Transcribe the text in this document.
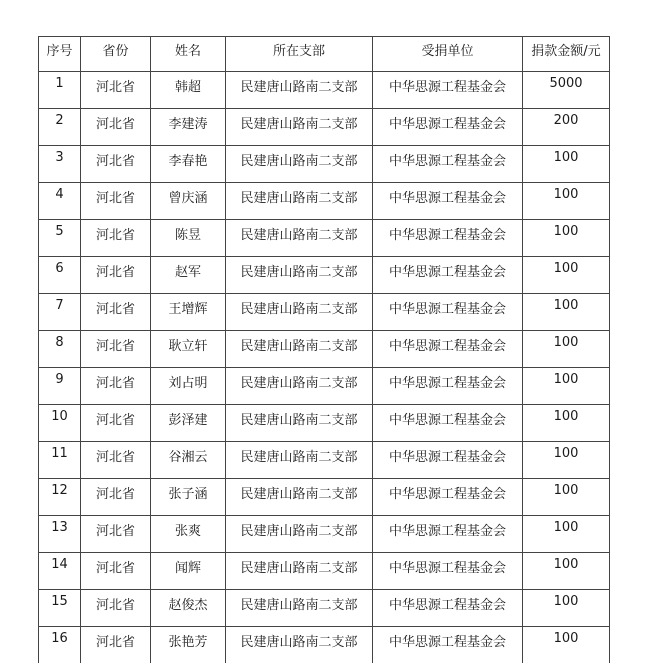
序号	省份	姓名	所在支部	受捐单位	捐款金额/元
1	河北省	韩超	民建唐山路南二支部	中华思源工程基金会	5000
2	河北省	李建涛	民建唐山路南二支部	中华思源工程基金会	200
3	河北省	李春艳	民建唐山路南二支部	中华思源工程基金会	100
4	河北省	曾庆涵	民建唐山路南二支部	中华思源工程基金会	100
5	河北省	陈昱	民建唐山路南二支部	中华思源工程基金会	100
6	河北省	赵军	民建唐山路南二支部	中华思源工程基金会	100
7	河北省	王增辉	民建唐山路南二支部	中华思源工程基金会	100
8	河北省	耿立轩	民建唐山路南二支部	中华思源工程基金会	100
9	河北省	刘占明	民建唐山路南二支部	中华思源工程基金会	100
10	河北省	彭泽建	民建唐山路南二支部	中华思源工程基金会	100
11	河北省	谷湘云	民建唐山路南二支部	中华思源工程基金会	100
12	河北省	张子涵	民建唐山路南二支部	中华思源工程基金会	100
13	河北省	张爽	民建唐山路南二支部	中华思源工程基金会	100
14	河北省	闻辉	民建唐山路南二支部	中华思源工程基金会	100
15	河北省	赵俊杰	民建唐山路南二支部	中华思源工程基金会	100
16	河北省	张艳芳	民建唐山路南二支部	中华思源工程基金会	100
